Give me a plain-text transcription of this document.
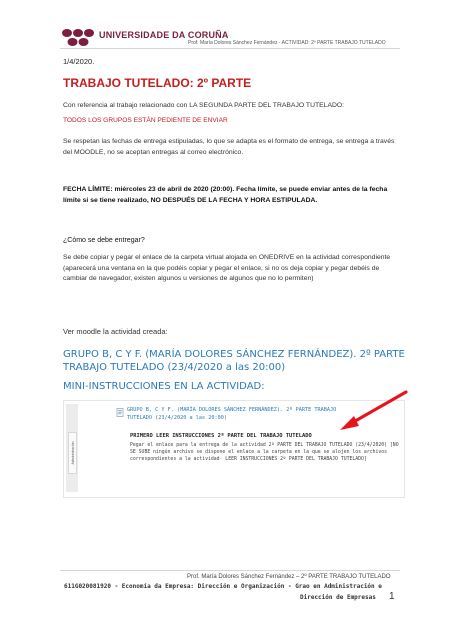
UNIVERSIDADE DA CORUÑA
Prof. María Dolores Sánchez Fernández - ACTIVIDAD: 2º PARTE TRABAJO TUTELADO
1/4/2020.
TRABAJO TUTELADO: 2º PARTE
Con referencia al trabajo relacionado con LA SEGUNDA PARTE DEL TRABAJO TUTELADO:
TODOS LOS GRUPOS ESTÁN PEDIENTE DE ENVIAR
Se respetan las fechas de entrega estipuladas, lo que se adapta es el formato de entrega, se entrega a través del MOODLE, no se aceptan entregas al correo electrónico.
FECHA LÍMITE: miércoles 23 de abril de 2020 (20:00). Fecha límite, se puede enviar antes de la fecha límite si se tiene realizado, NO DESPUÉS DE LA FECHA Y HORA ESTIPULADA.
¿Cómo se debe entregar?
Se debe copiar y pegar el enlace de la carpeta virtual alojada en ONEDRIVE en la actividad correspondiente (aparecerá una ventana en la que podéis copiar y pegar el enlace, si no os deja copiar y pegar debéis de cambiar de navegador, existen algunos u versiones de algunos que no lo permiten)
Ver moodle la actividad creada:
GRUPO B, C Y F. (MARÍA DOLORES SÁNCHEZ FERNÁNDEZ). 2º PARTE TRABAJO TUTELADO (23/4/2020 a las 20:00)
MINI-INSTRUCCIONES EN LA ACTIVIDAD:
Administración
GRUPO B, C Y F. (MARÍA DOLORES SÁNCHEZ FERNÁNDEZ). 2º PARTE TRABAJO TUTELADO (23/4/2020 a las 20:00)
PRIMERO LEER INSTRUCCIONES 2º PARTE DEL TRABAJO TUTELADO
Pegar el enlace para la entrega de la actividad 2º PARTE DEL TRABAJO TUTELADO (23/4/2020) [NO SE SUBE ningún archivo se dispone el enlace a la carpeta en la que se alojen los archivos correspondientes a la actividad· LEER INSTRUCCIONES 2º PARTE DEL TRABAJO TUTELADO]
Prof. María Dolores Sánchez Fernández – 2º PARTE TRABAJO TUTELADO
611G020081920 - Economía da Empresa: Dirección e Organización - Grao en Administración e
Dirección de Empresas 1
